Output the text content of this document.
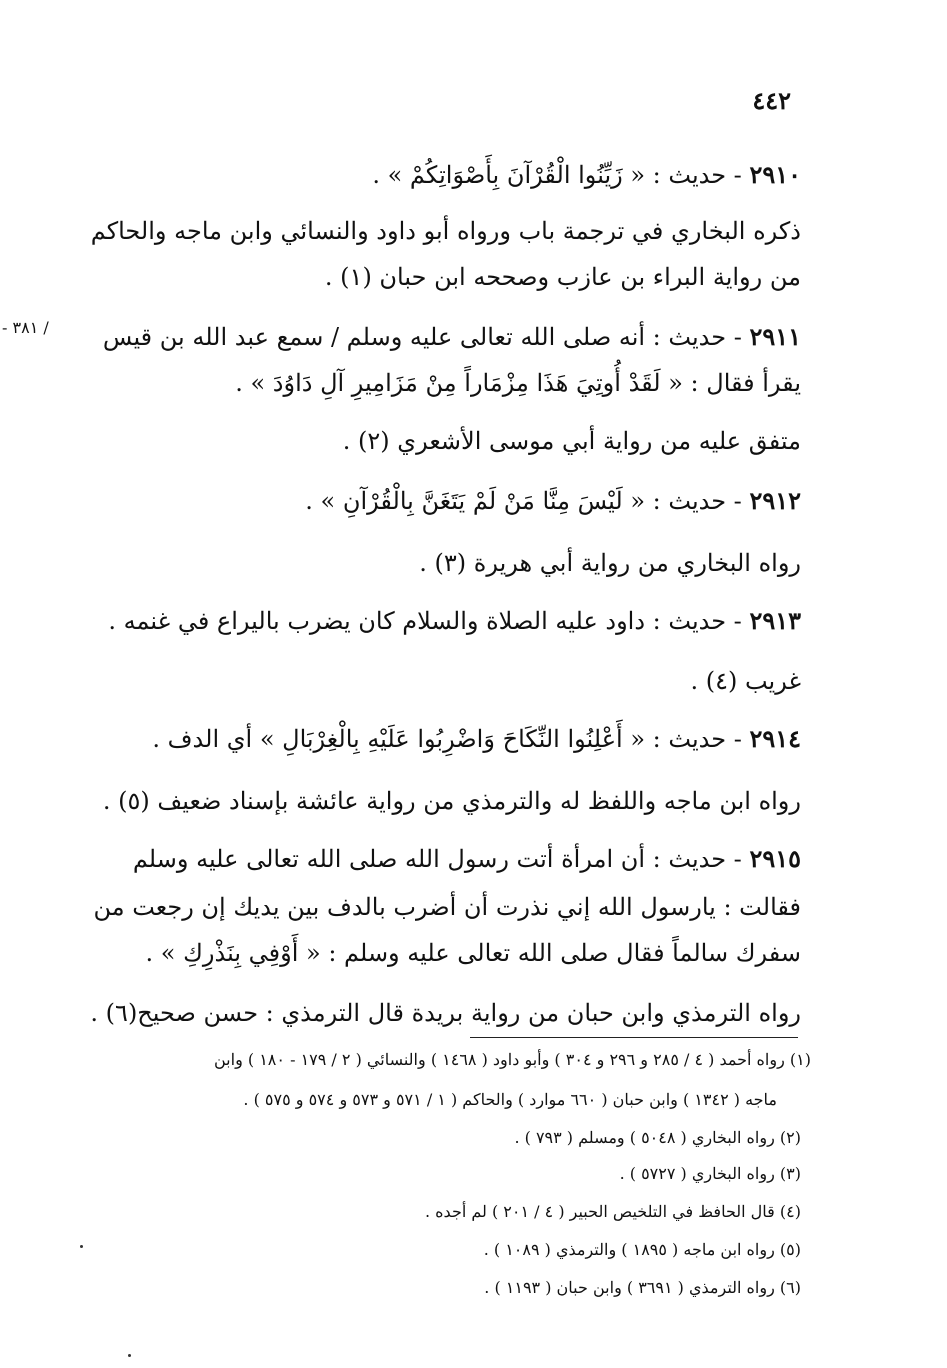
٤٤٢
/ ٣٨١ -
٢٩١٠ - حديث : « زَيِّنُوا الْقُرْآنَ بِأَصْوَاتِكُمْ » .
ذكره البخاري في ترجمة باب ورواه أبو داود والنسائي وابن ماجه والحاكم
من رواية البراء بن عازب وصححه ابن حبان (١) .
٢٩١١ - حديث : أنه صلى الله تعالى عليه وسلم / سمع عبد الله بن قيس
يقرأ فقال : « لَقَدْ أُوتِيَ هَذَا مِزْمَاراً مِنْ مَزَامِيرِ آلِ دَاوُدَ » .
متفق عليه من رواية أبي موسى الأشعري (٢) .
٢٩١٢ - حديث : « لَيْسَ مِنَّا مَنْ لَمْ يَتَغَنَّ بِالْقُرْآنِ » .
رواه البخاري من رواية أبي هريرة (٣) .
٢٩١٣ - حديث : داود عليه الصلاة والسلام كان يضرب باليراع في غنمه .
غريب (٤) .
٢٩١٤ - حديث : « أَعْلِنُوا النِّكَاحَ وَاضْرِبُوا عَلَيْهِ بِالْغِرْبَالِ » أي الدف .
رواه ابن ماجه واللفظ له والترمذي من رواية عائشة بإسناد ضعيف (٥) .
٢٩١٥ - حديث : أن امرأة أتت رسول الله صلى الله تعالى عليه وسلم
فقالت : يارسول الله إني نذرت أن أضرب بالدف بين يديك إن رجعت من
سفرك سالماً فقال صلى الله تعالى عليه وسلم : « أَوْفِي بِنَذْرِكِ » .
رواه الترمذي وابن حبان من رواية بريدة قال الترمذي : حسن صحيح(٦) .
(١) رواه أحمد ( ٤ / ٢٨٥ و ٢٩٦ و ٣٠٤ ) وأبو داود ( ١٤٦٨ ) والنسائي ( ٢ / ١٧٩ - ١٨٠ ) وابن
ماجه ( ١٣٤٢ ) وابن حبان ( ٦٦٠ موارد ) والحاكم ( ١ / ٥٧١ و ٥٧٣ و ٥٧٤ و ٥٧٥ ) .
(٢) رواه البخاري ( ٥٠٤٨ ) ومسلم ( ٧٩٣ ) .
(٣) رواه البخاري ( ٥٧٢٧ ) .
(٤) قال الحافظ في التلخيص الحبير ( ٤ / ٢٠١ ) لم أجده .
(٥) رواه ابن ماجه ( ١٨٩٥ ) والترمذي ( ١٠٨٩ ) .
(٦) رواه الترمذي ( ٣٦٩١ ) وابن حبان ( ١١٩٣ ) .
